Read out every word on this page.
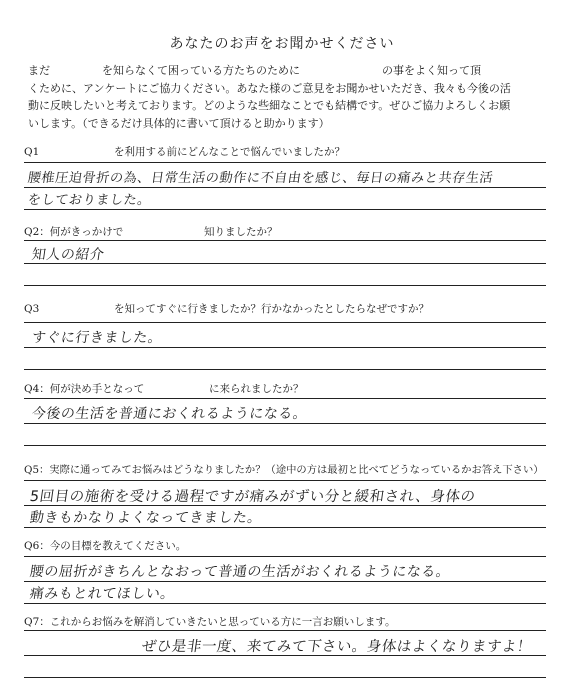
あなたのお声をお聞かせください
まだ	を知らなくて困っている方たちのために	の事をよく知って頂
くために、アンケートにご協力ください。あなた様のご意見をお聞かせいただき、我々も今後の活
動に反映したいと考えております。どのような些細なことでも結構です。ぜひご協力よろしくお願
いします。（できるだけ具体的に書いて頂けると助かります）
Q1	を利用する前にどんなことで悩んでいましたか？
腰椎圧迫骨折の為、日常生活の動作に不自由を感じ、毎日の痛みと共存生活
をしておりました。
Q2：何がきっかけで	知りましたか？
知人の紹介
Q3	を知ってすぐに行きましたか？行かなかったとしたらなぜですか？
すぐに行きました。
Q4：何が決め手となって	に来られましたか？
今後の生活を普通におくれるようになる。
Q5：実際に通ってみてお悩みはどうなりましたか？（途中の方は最初と比べてどうなっているかお答え下さい）
5回目の施術を受ける過程ですが痛みがずい分と緩和され、身体の
動きもかなりよくなってきました。
Q6：今の目標を教えてください。
腰の屈折がきちんとなおって普通の生活がおくれるようになる。
痛みもとれてほしい。
Q7：これからお悩みを解消していきたいと思っている方に一言お願いします。
ぜひ是非一度、来てみて下さい。身体はよくなりますよ！
